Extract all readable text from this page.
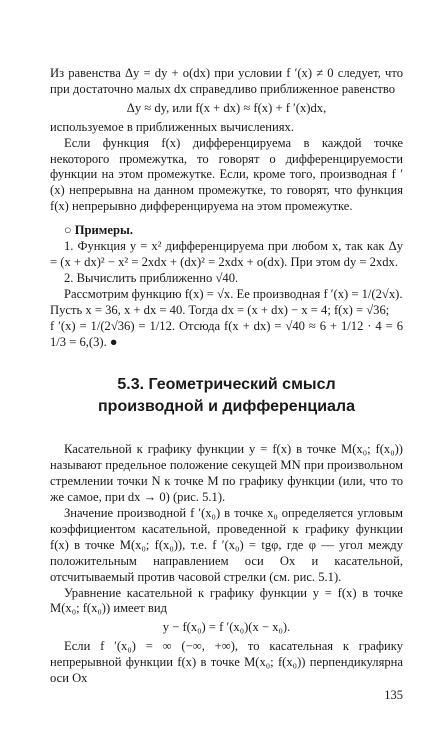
Из равенства Δy = dy + o(dx) при условии f ′(x) ≠ 0 следует, что при достаточно малых dx справедливо приближенное равенство

Δy ≈ dy, или f(x + dx) ≈ f(x) + f ′(x)dx,

используемое в приближенных вычислениях.

Если функция f(x) дифференцируема в каждой точке некоторого промежутка, то говорят о дифференцируемости функции на этом промежутке. Если, кроме того, производная f ′(x) непрерывна на данном промежутке, то говорят, что функция f(x) непрерывно дифференцируема на этом промежутке.

○ Примеры.

1. Функция y = x² дифференцируема при любом x, так как Δy = (x + dx)² − x² = 2xdx + (dx)² = 2xdx + o(dx). При этом dy = 2xdx.

2. Вычислить приближенно √40.

Рассмотрим функцию f(x) = √x. Ее производная f ′(x) = 1/(2√x).

Пусть x = 36, x + dx = 40. Тогда dx = (x + dx) − x = 4; f(x) = √36;

f ′(x) = 1/(2√36) = 1/12. Отсюда f(x + dx) = √40 ≈ 6 + 1/12 · 4 = 6 1/3 = 6,(3). ●

5.3. Геометрический смысл
производной и дифференциала

Касательной к графику функции y = f(x) в точке M(x₀; f(x₀)) называют предельное положение секущей MN при произвольном стремлении точки N к точке M по графику функции (или, что то же самое, при dx → 0) (рис. 5.1).

Значение производной f ′(x₀) в точке x₀ определяется угловым коэффициентом касательной, проведенной к графику функции f(x) в точке M(x₀; f(x₀)), т.е. f ′(x₀) = tgφ, где φ — угол между положительным направлением оси Ox и касательной, отсчитываемый против часовой стрелки (см. рис. 5.1).

Уравнение касательной к графику функции y = f(x) в точке M(x₀; f(x₀)) имеет вид

y − f(x₀) = f ′(x₀)(x − x₀).

Если f ′(x₀) = ∞ (−∞, +∞), то касательная к графику непрерывной функции f(x) в точке M(x₀; f(x₀)) перпендикулярна оси Ox

135
